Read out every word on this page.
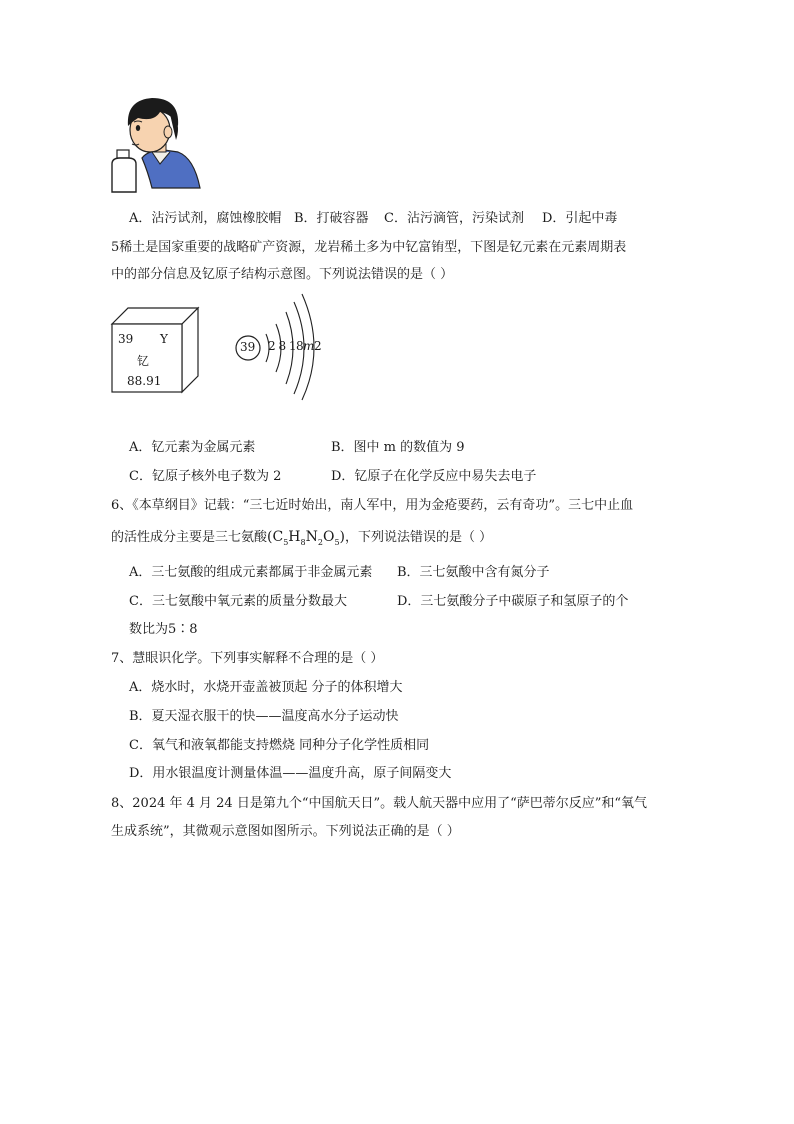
A．沾污试剂，腐蚀橡胶帽 B．打破容器 C．沾污滴管，污染试剂 D．引起中毒
5稀土是国家重要的战略矿产资源，龙岩稀土多为中钇富铕型，下图是钇元素在元素周期表
中的部分信息及钇原子结构示意图。下列说法错误的是（ ）
39 Y
钇
88.91
39 2 8 18 m 2
A．钇元素为金属元素	B．图中 m 的数值为 9
C．钇原子核外电子数为 2	D．钇原子在化学反应中易失去电子
6、《本草纲目》记载：“三七近时始出，南人军中，用为金疮要药，云有奇功”。三七中止血
的活性成分主要是三七氨酸$(C_5H_8N_2O_5)$，下列说法错误的是（ ）
A．三七氨酸的组成元素都属于非金属元素 B．三七氨酸中含有氮分子
C．三七氨酸中氧元素的质量分数最大	D．三七氨酸分子中碳原子和氢原子的个
数比为5∶8
7、慧眼识化学。下列事实解释不合理的是（ ）
A．烧水时，水烧开壶盖被顶起 分子的体积增大
B．夏天湿衣服干的快——温度高水分子运动快
C．氧气和液氧都能支持燃烧 同种分子化学性质相同
D．用水银温度计测量体温——温度升高，原子间隔变大
8、2024 年 4 月 24 日是第九个“中国航天日”。载人航天器中应用了“萨巴蒂尔反应”和“氧气
生成系统”，其微观示意图如图所示。下列说法正确的是（ ）
